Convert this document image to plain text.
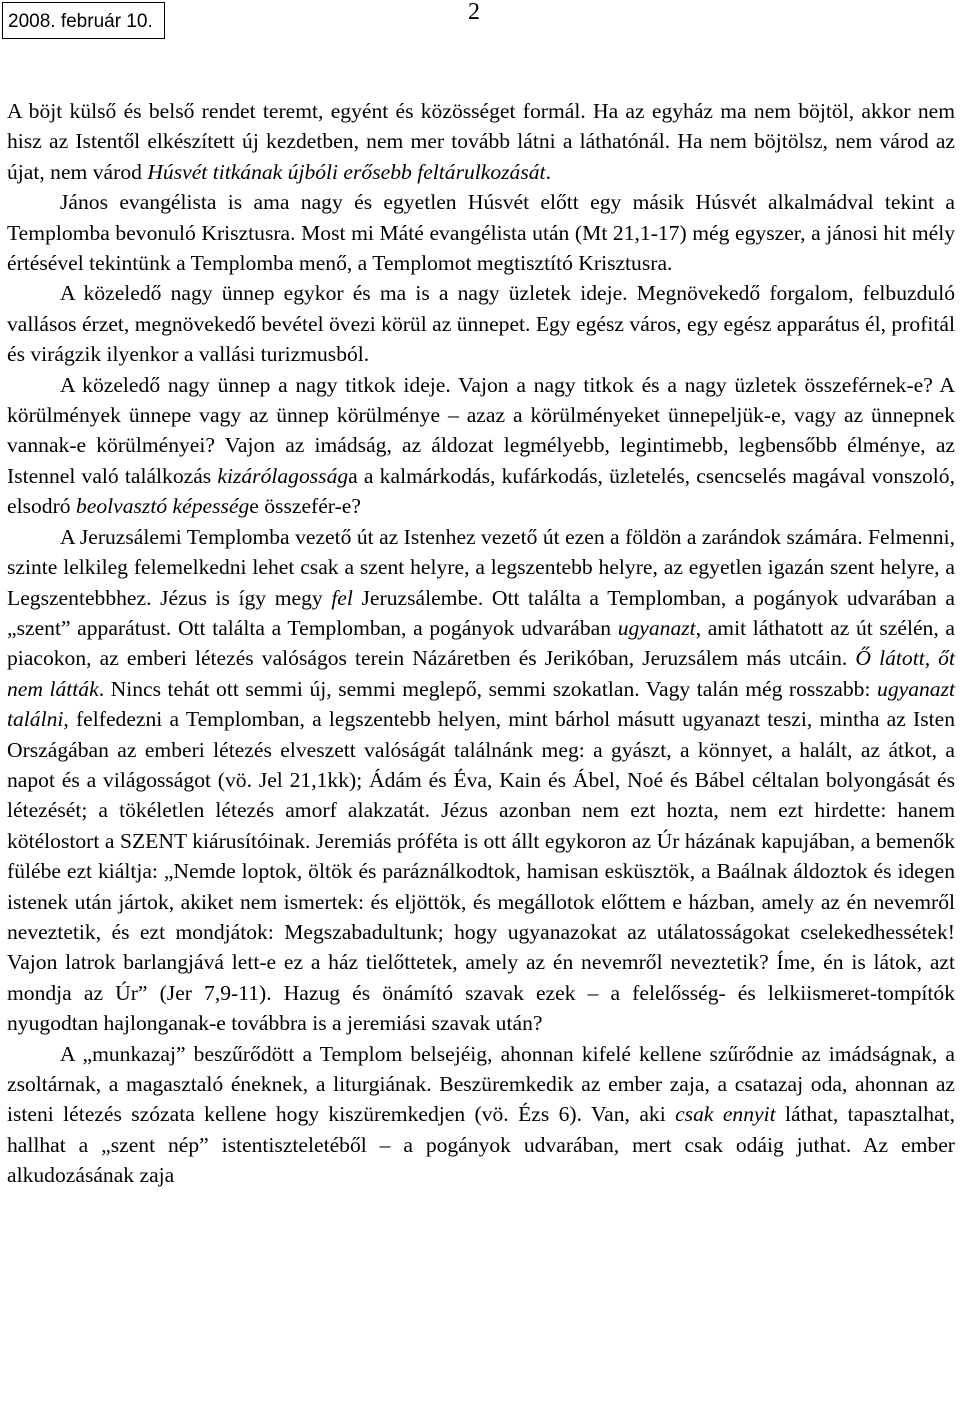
2008. február 10.	2

A böjt külső és belső rendet teremt, egyént és közösséget formál. Ha az egyház ma nem böjtöl, akkor nem hisz az Istentől elkészített új kezdetben, nem mer tovább látni a láthatónál. Ha nem böjtölsz, nem várod az újat, nem várod Húsvét titkának újbóli erősebb feltárulkozását.

János evangélista is ama nagy és egyetlen Húsvét előtt egy másik Húsvét alkalmádval tekint a Templomba bevonuló Krisztusra. Most mi Máté evangélista után (Mt 21,1-17) még egyszer, a jánosi hit mély értésével tekintünk a Templomba menő, a Templomot megtisztító Krisztusra.

A közeledő nagy ünnep egykor és ma is a nagy üzletek ideje. Megnövekedő forgalom, felbuzduló vallásos érzet, megnövekedő bevétel övezi körül az ünnepet. Egy egész város, egy egész apparátus él, profitál és virágzik ilyenkor a vallási turizmusból.

A közeledő nagy ünnep a nagy titkok ideje. Vajon a nagy titkok és a nagy üzletek összeférnek-e? A körülmények ünnepe vagy az ünnep körülménye – azaz a körülményeket ünnepeljük-e, vagy az ünnepnek vannak-e körülményei? Vajon az imádság, az áldozat legmélyebb, legintimebb, legbensőbb élménye, az Istennel való találkozás kizárólagossága a kalmárkodás, kufárkodás, üzletelés, csencselés magával vonszoló, elsodró beolvasztó képessége összefér-e?

A Jeruzsálemi Templomba vezető út az Istenhez vezető út ezen a földön a zarándok számára. Felmenni, szinte lelkileg felemelkedni lehet csak a szent helyre, a legszentebb helyre, az egyetlen igazán szent helyre, a Legszentebbhez. Jézus is így megy fel Jeruzsálembe. Ott találta a Templomban, a pogányok udvarában a „szent” apparátust. Ott találta a Templomban, a pogányok udvarában ugyanazt, amit láthatott az út szélén, a piacokon, az emberi létezés valóságos terein Názáretben és Jerikóban, Jeruzsálem más utcáin. Ő látott, őt nem látták. Nincs tehát ott semmi új, semmi meglepő, semmi szokatlan. Vagy talán még rosszabb: ugyanazt találni, felfedezni a Templomban, a legszentebb helyen, mint bárhol másutt ugyanazt teszi, mintha az Isten Országában az emberi létezés elveszett valóságát találnánk meg: a gyászt, a könnyet, a halált, az átkot, a napot és a világosságot (vö. Jel 21,1kk); Ádám és Éva, Kain és Ábel, Noé és Bábel céltalan bolyongását és létezését; a tökéletlen létezés amorf alakzatát. Jézus azonban nem ezt hozta, nem ezt hirdette: hanem kötélostort a SZENT kiárusítóinak. Jeremiás próféta is ott állt egykoron az Úr házának kapujában, a bemenők fülébe ezt kiáltja: „Nemde loptok, öltök és paráználkodtok, hamisan esküsztök, a Baálnak áldoztok és idegen istenek után jártok, akiket nem ismertek: és eljöttök, és megállotok előttem e házban, amely az én nevemről neveztetik, és ezt mondjátok: Megszabadultunk; hogy ugyanazokat az utálatosságokat cselekedhessétek! Vajon latrok barlangjává lett-e ez a ház tielőttetek, amely az én nevemről neveztetik? Íme, én is látok, azt mondja az Úr” (Jer 7,9-11). Hazug és önámító szavak ezek – a felelősség- és lelkiismeret-tompítók nyugodtan hajlonganak-e továbbra is a jeremiási szavak után?

A „munkazaj” beszűrődött a Templom belsejéig, ahonnan kifelé kellene szűrődnie az imádságnak, a zsoltárnak, a magasztaló éneknek, a liturgiának. Beszüremkedik az ember zaja, a csatazaj oda, ahonnan az isteni létezés szózata kellene hogy kiszüremkedjen (vö. Ézs 6). Van, aki csak ennyit láthat, tapasztalhat, hallhat a „szent nép” istentiszteletéből – a pogányok udvarában, mert csak odáig juthat. Az ember alkudozásának zaja
